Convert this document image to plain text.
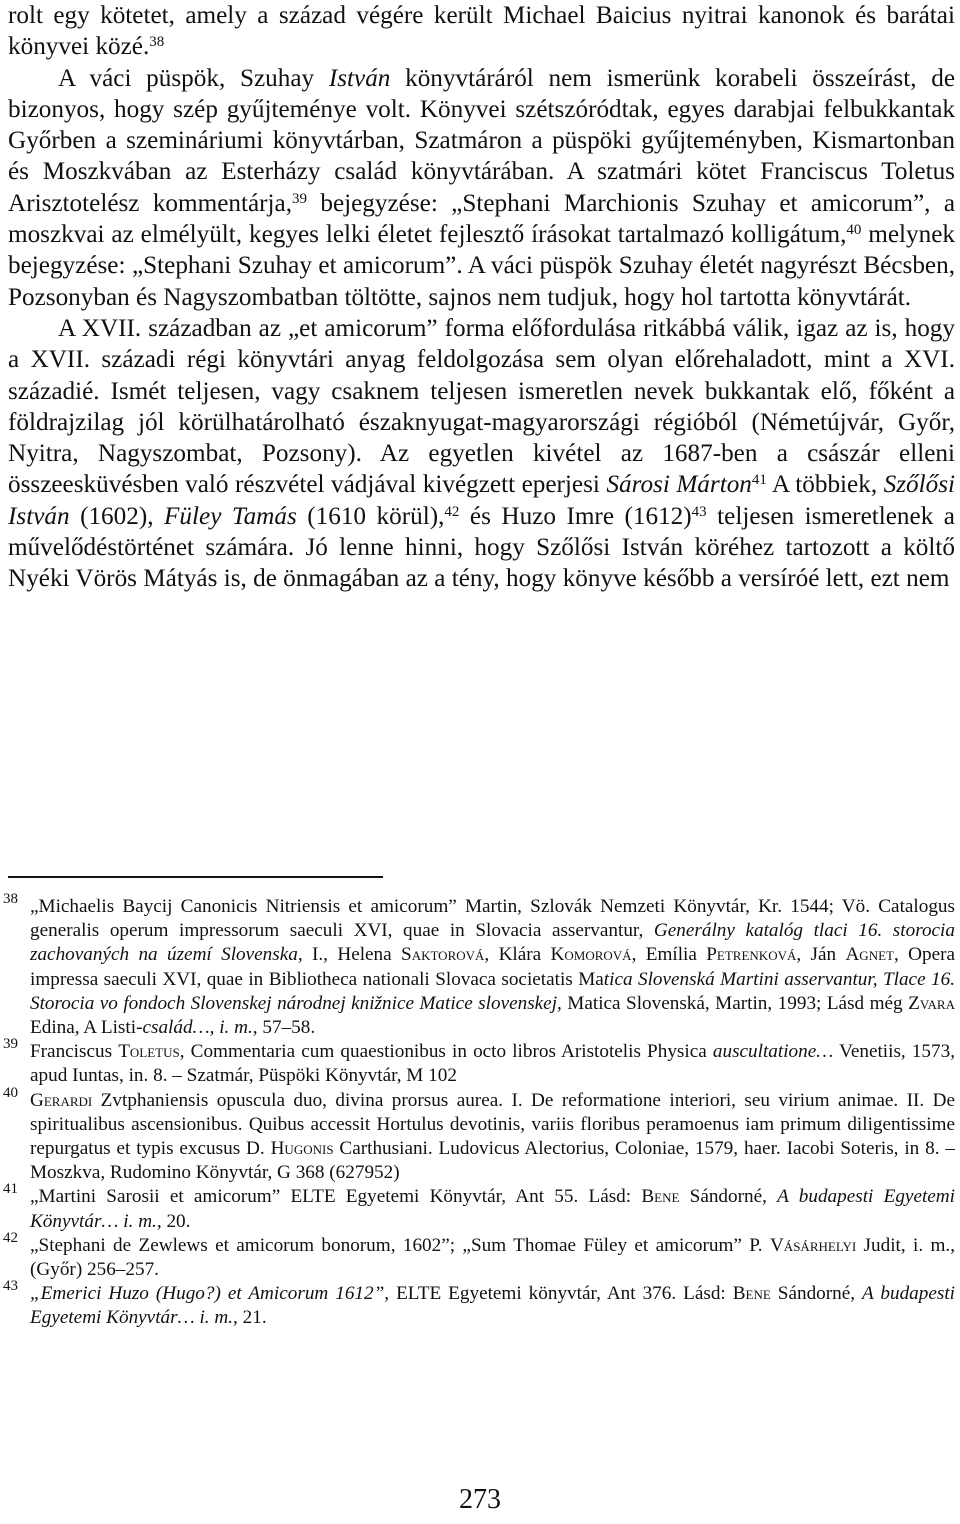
rolt egy kötetet, amely a század végére került Michael Baicius nyitrai kanonok és barátai könyvei közé.$^{38}$

A váci püspök, Szuhay István könyvtáráról nem ismerünk korabeli összeírást, de bizonyos, hogy szép gyűjteménye volt. Könyvei szétszóródtak, egyes darabjai felbukkantak Győrben a szemináriumi könyvtárban, Szatmáron a püspöki gyűjteményben, Kismartonban és Moszkvában az Esterházy család könyvtárában. A szatmári kötet Franciscus Toletus Arisztotelész kommentárja,$^{39}$ bejegyzése: „Stephani Marchionis Szuhay et amicorum”, a moszkvai az elmélyült, kegyes lelki életet fejlesztő írásokat tartalmazó kolligátum,$^{40}$ melynek bejegyzése: „Stephani Szuhay et amicorum”. A váci püspök Szuhay életét nagyrészt Bécsben, Pozsonyban és Nagyszombatban töltötte, sajnos nem tudjuk, hogy hol tartotta könyvtárát.

A XVII. században az „et amicorum” forma előfordulása ritkábbá válik, igaz az is, hogy a XVII. századi régi könyvtári anyag feldolgozása sem olyan előrehaladott, mint a XVI. századié. Ismét teljesen, vagy csaknem teljesen ismeretlen nevek bukkantak elő, főként a földrajzilag jól körülhatárolható északnyugat-magyarországi régióból (Németújvár, Győr, Nyitra, Nagyszombat, Pozsony). Az egyetlen kivétel az 1687-ben a császár elleni összeesküvésben való részvétel vádjával kivégzett eperjesi Sárosi Márton$^{41}$ A többiek, Szőlősi István (1602), Füley Tamás (1610 körül),$^{42}$ és Huzo Imre $(1612)^{43}$ teljesen ismeretlenek a művelődéstörténet számára. Jó lenne hinni, hogy Szőlősi István köréhez tartozott a költő Nyéki Vörös Mátyás is, de önmagában az a tény, hogy könyve később a versíróé lett, ezt nem

38 „Michaelis Baycij Canonicis Nitriensis et amicorum” Martin, Szlovák Nemzeti Könyvtár, Kr. 1544; Vö. Catalogus generalis operum impressorum saeculi XVI, quae in Slovacia asservantur, Generálny katalóg tlaci 16. storocia zachovaných na území Slovenska, I., Helena Saktorová, Klára Komorová, Emília Petrenková, Ján Agnet, Opera impressa saeculi XVI, quae in Bibliotheca nationali Slovaca societatis Matica Slovenská Martini asservantur, Tlace 16. Storocia vo fondoch Slovenskej národnej knižnice Matice slovenskej, Matica Slovenská, Martin, 1993; Lásd még Zvara Edina, A Listi-család…, i. m., 57–58.

39 Franciscus Toletus, Commentaria cum quaestionibus in octo libros Aristotelis Physica auscultatione… Venetiis, 1573, apud Iuntas, in. 8. – Szatmár, Püspöki Könyvtár, M 102

40 Gerardi Zvtphaniensis opuscula duo, divina prorsus aurea. I. De reformatione interiori, seu virium animae. II. De spiritualibus ascensionibus. Quibus accessit Hortulus devotinis, variis floribus peramoenus iam primum diligentissime repurgatus et typis excusus D. Hugonis Carthusiani. Ludovicus Alectorius, Coloniae, 1579, haer. Iacobi Soteris, in 8. – Moszkva, Rudomino Könyvtár, G 368 (627952)

41 „Martini Sarosii et amicorum” ELTE Egyetemi Könyvtár, Ant 55. Lásd: Bene Sándorné, A budapesti Egyetemi Könyvtár… i. m., 20.

42 „Stephani de Zewlews et amicorum bonorum, 1602”; „Sum Thomae Füley et amicorum” P. Vásárhelyi Judit, i. m., (Győr) 256–257.

43 „Emerici Huzo (Hugo?) et Amicorum 1612”, ELTE Egyetemi könyvtár, Ant 376. Lásd: Bene Sándorné, A budapesti Egyetemi Könyvtár… i. m., 21.

273
